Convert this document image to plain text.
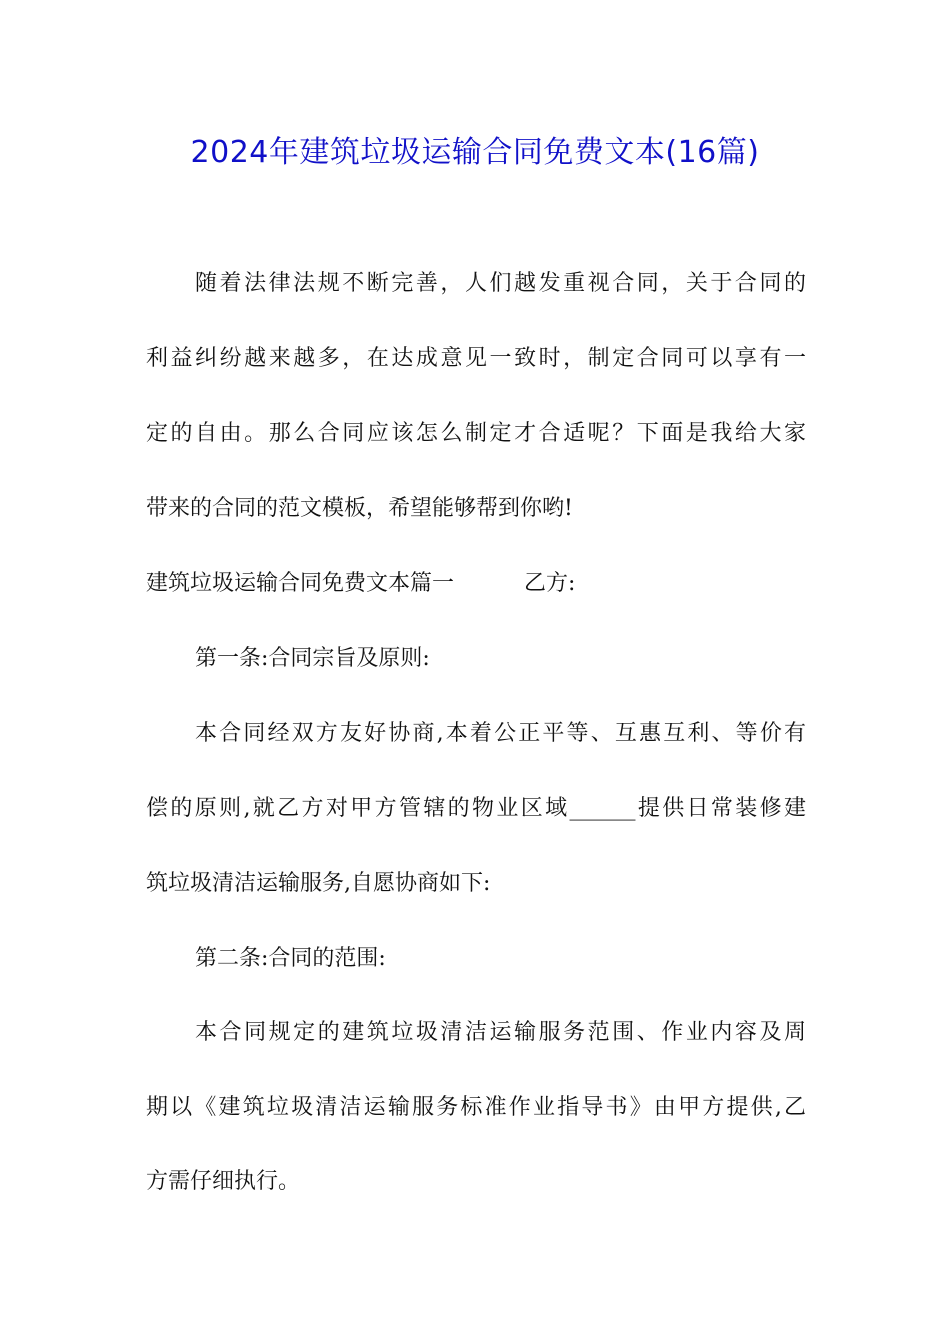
2024年建筑垃圾运输合同免费文本(16篇)
随着法律法规不断完善，人们越发重视合同，关于合同的
利益纠纷越来越多，在达成意见一致时，制定合同可以享有一
定的自由。那么合同应该怎么制定才合适呢？下面是我给大家
带来的合同的范文模板，希望能够帮到你哟!
建筑垃圾运输合同免费文本篇一	乙方:
第一条:合同宗旨及原则:
本合同经双方友好协商,本着公正平等、互惠互利、等价有
偿的原则,就乙方对甲方管辖的物业区域______提供日常装修建
筑垃圾清洁运输服务,自愿协商如下:
第二条:合同的范围:
本合同规定的建筑垃圾清洁运输服务范围、作业内容及周
期以《建筑垃圾清洁运输服务标准作业指导书》由甲方提供,乙
方需仔细执行。
